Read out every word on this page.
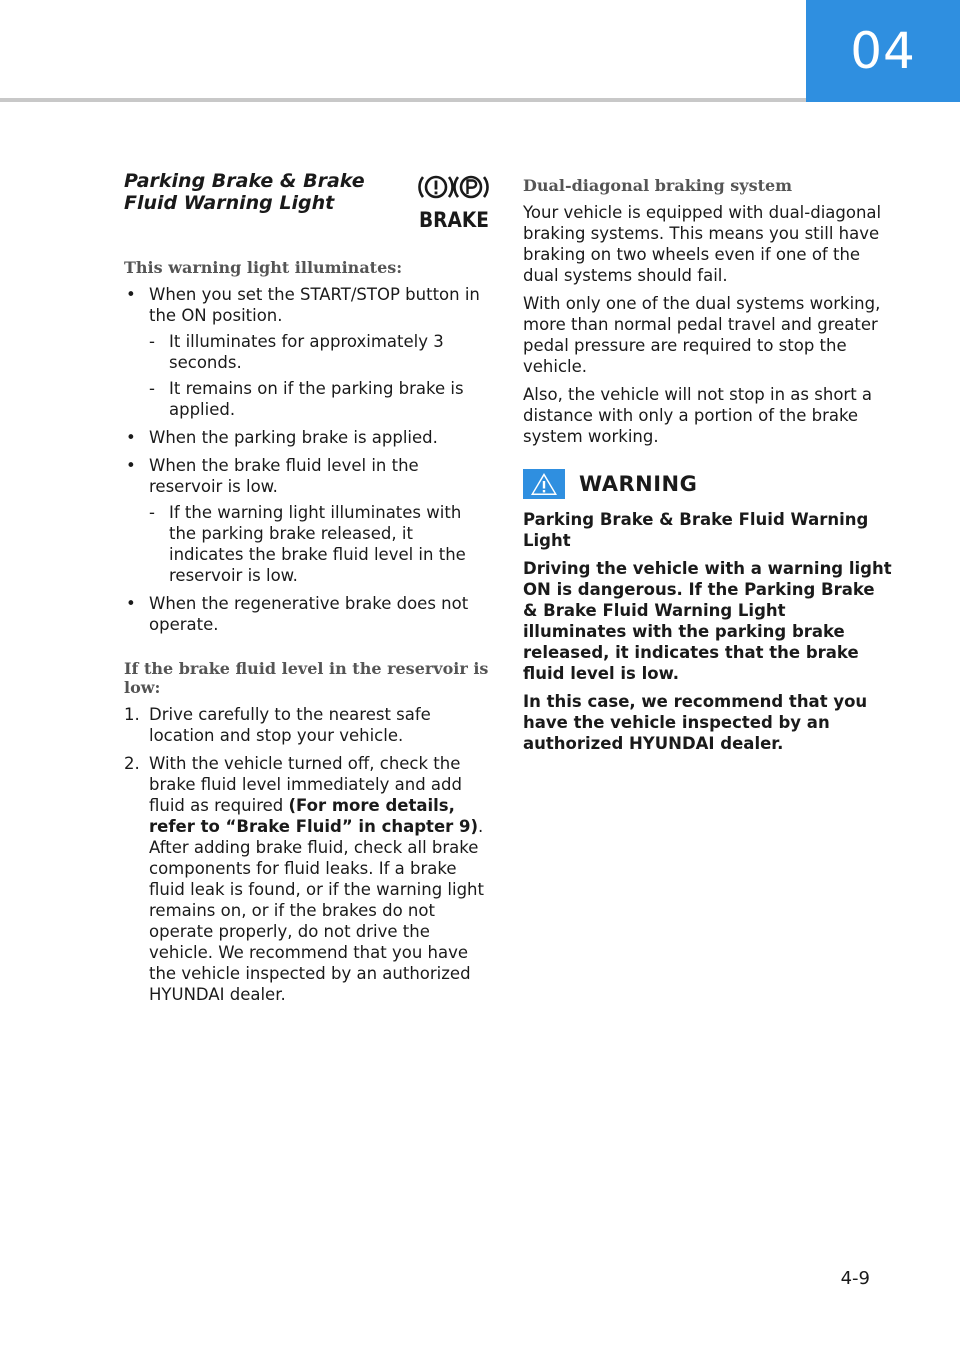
04
Parking Brake & Brake Fluid Warning Light
BRAKE
This warning light illuminates:
• When you set the START/STOP button in the ON position.
- It illuminates for approximately 3 seconds.
- It remains on if the parking brake is applied.
• When the parking brake is applied.
• When the brake fluid level in the reservoir is low.
- If the warning light illuminates with the parking brake released, it indicates the brake fluid level in the reservoir is low.
• When the regenerative brake does not operate.
If the brake fluid level in the reservoir is low:
1. Drive carefully to the nearest safe location and stop your vehicle.
2. With the vehicle turned off, check the brake fluid level immediately and add fluid as required (For more details, refer to “Brake Fluid” in chapter 9). After adding brake fluid, check all brake components for fluid leaks. If a brake fluid leak is found, or if the warning light remains on, or if the brakes do not operate properly, do not drive the vehicle. We recommend that you have the vehicle inspected by an authorized HYUNDAI dealer.
Dual-diagonal braking system

Your vehicle is equipped with dual-diagonal braking systems. This means you still have braking on two wheels even if one of the dual systems should fail.

With only one of the dual systems working, more than normal pedal travel and greater pedal pressure are required to stop the vehicle.

Also, the vehicle will not stop in as short a distance with only a portion of the brake system working.

WARNING

Parking Brake & Brake Fluid Warning Light

Driving the vehicle with a warning light ON is dangerous. If the Parking Brake & Brake Fluid Warning Light illuminates with the parking brake released, it indicates that the brake fluid level is low.

In this case, we recommend that you have the vehicle inspected by an authorized HYUNDAI dealer.

4-9
